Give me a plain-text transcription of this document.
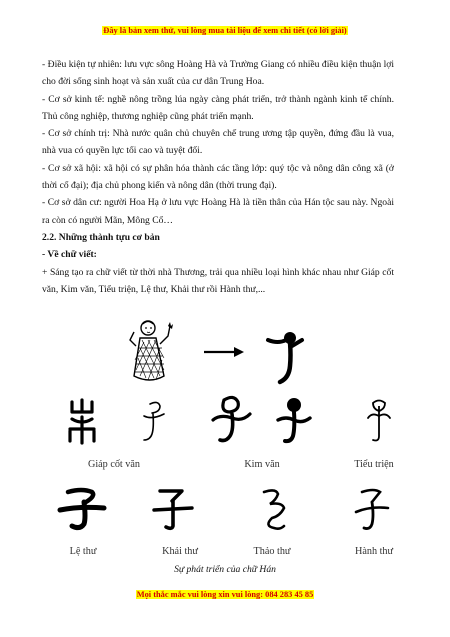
Đây là bản xem thử, vui lòng mua tài liệu để xem chi tiết (có lời giải)

- Điều kiện tự nhiên: lưu vực sông Hoàng Hà và Trường Giang có nhiều điều kiện thuận lợi cho đời sống sinh hoạt và sản xuất của cư dân Trung Hoa.

- Cơ sở kinh tế: nghề nông trồng lúa ngày càng phát triển, trở thành ngành kinh tế chính. Thủ công nghiệp, thương nghiệp cũng phát triển mạnh.

- Cơ sở chính trị: Nhà nước quân chủ chuyên chế trung ương tập quyền, đứng đầu là vua, nhà vua có quyền lực tối cao và tuyệt đối.

- Cơ sở xã hội: xã hội có sự phân hóa thành các tầng lớp: quý tộc và nông dân công xã (ở thời cổ đại); địa chủ phong kiến và nông dân (thời trung đại).

- Cơ sở dân cư: người Hoa Hạ ở lưu vực Hoàng Hà là tiền thân của Hán tộc sau này. Ngoài ra còn có người Mãn, Mông Cổ…

2.2. Những thành tựu cơ bản

- Về chữ viết:

+ Sáng tạo ra chữ viết từ thời nhà Thương, trải qua nhiều loại hình khác nhau như Giáp cốt văn, Kim văn, Tiểu triện, Lệ thư, Khải thư rồi Hành thư,...

Giáp cốt văn	Kim văn	Tiểu triện
Lệ thư	Khải thư	Thảo thư	Hành thư
Sự phát triển của chữ Hán
Mọi thắc mắc vui lòng xin vui lòng: 084 283 45 85
